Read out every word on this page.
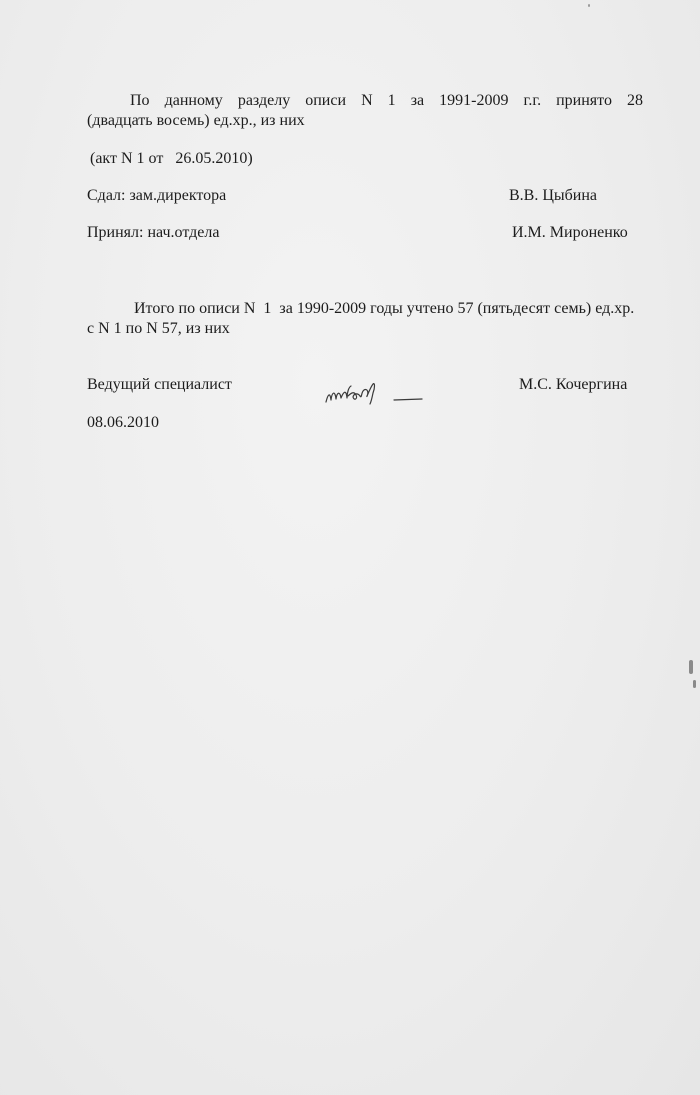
По данному разделу описи N 1 за 1991-2009 г.г. принято 28
(двадцать восемь) ед.хр., из них
(акт N 1 от   26.05.2010)
Сдал: зам.директора	В.В. Цыбина
Принял: нач.отдела	И.М. Мироненко
Итого по описи N  1  за 1990-2009 годы учтено 57 (пятьдесят семь) ед.хр.
с N 1 по N 57, из них
Ведущий специалист	М.С. Кочергина
08.06.2010
